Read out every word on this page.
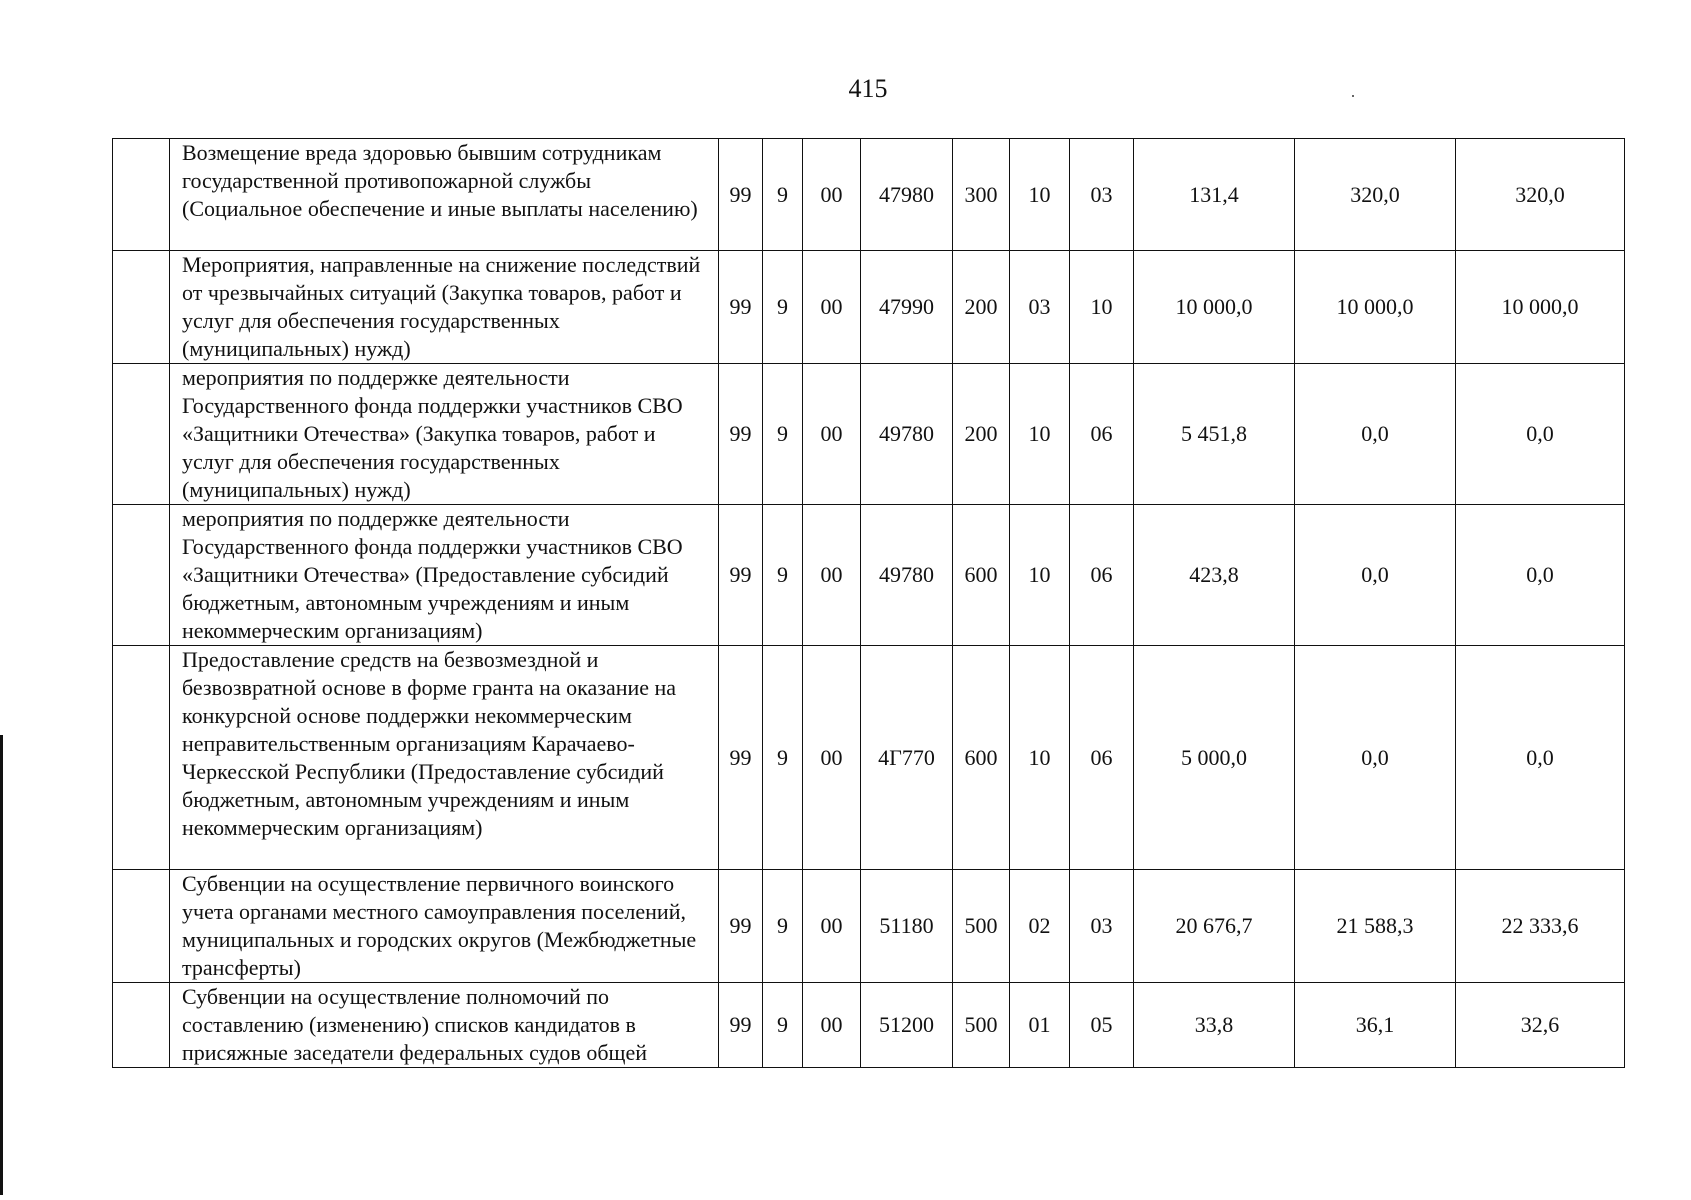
415
	Возмещение вреда здоровью бывшим сотрудникам государственной противопожарной службы (Социальное обеспечение и иные выплаты населению)	99	9	00	47980	300	10	03	131,4	320,0	320,0
	Мероприятия, направленные на снижение последствий от чрезвычайных ситуаций (Закупка товаров, работ и услуг для обеспечения государственных (муниципальных) нужд)	99	9	00	47990	200	03	10	10 000,0	10 000,0	10 000,0
	мероприятия по поддержке деятельности Государственного фонда поддержки участников СВО «Защитники Отечества» (Закупка товаров, работ и услуг для обеспечения государственных (муниципальных) нужд)	99	9	00	49780	200	10	06	5 451,8	0,0	0,0
	мероприятия по поддержке деятельности Государственного фонда поддержки участников СВО «Защитники Отечества» (Предоставление субсидий бюджетным, автономным учреждениям и иным некоммерческим организациям)	99	9	00	49780	600	10	06	423,8	0,0	0,0
	Предоставление средств на безвозмездной и безвозвратной основе в форме гранта на оказание на конкурсной основе поддержки некоммерческим неправительственным организациям Карачаево-Черкесской Республики (Предоставление субсидий бюджетным, автономным учреждениям и иным некоммерческим организациям)	99	9	00	4Г770	600	10	06	5 000,0	0,0	0,0
	Субвенции на осуществление первичного воинского учета органами местного самоуправления поселений, муниципальных и городских округов (Межбюджетные трансферты)	99	9	00	51180	500	02	03	20 676,7	21 588,3	22 333,6
	Субвенции на осуществление полномочий по составлению (изменению) списков кандидатов в присяжные заседатели федеральных судов общей	99	9	00	51200	500	01	05	33,8	36,1	32,6
